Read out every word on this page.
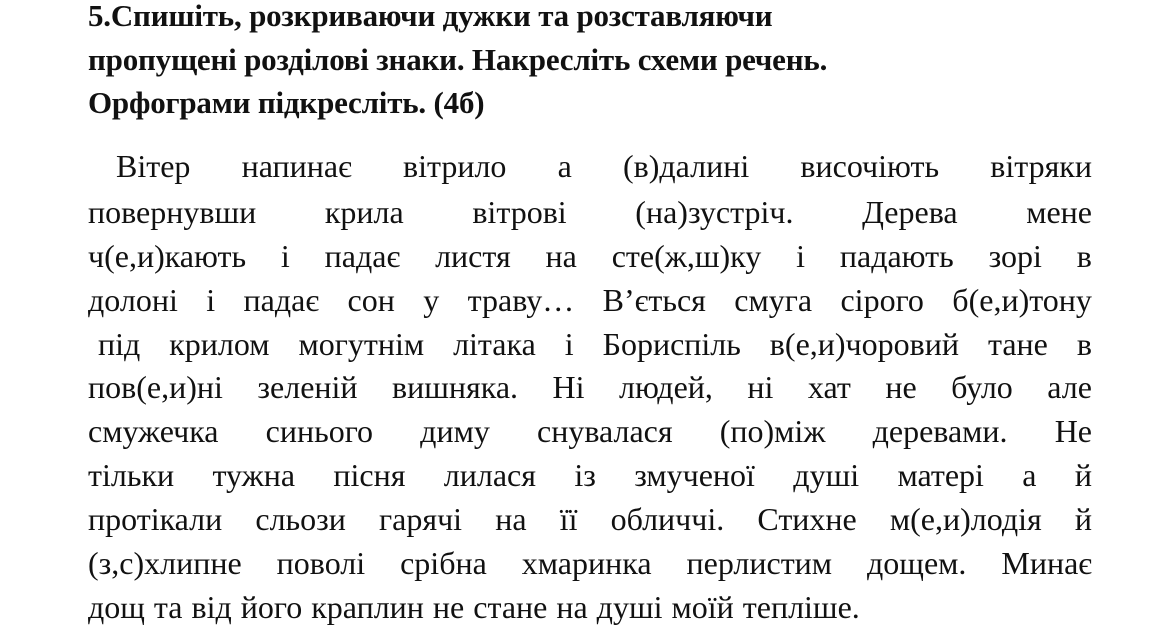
5.Спишіть, розкриваючи дужки та розставляючи
пропущені розділові знаки. Накресліть схеми речень.
Орфограми підкресліть. (4б)
Вітер напинає вітрило а (в)далині височіють вітряки
повернувши крила вітрові (на)зустріч. Дерева мене
ч(е,и)кають і падає листя на сте(ж,ш)ку і падають зорі в
долоні і падає сон у траву… В’ється смуга сірого б(е,и)тону
під крилом могутнім літака і Бориспіль в(е,и)чоровий тане в
пов(е,и)ні зеленій вишняка. Ні людей, ні хат не було але
смужечка синього диму снувалася (по)між деревами. Не
тільки тужна пісня лилася із змученої душі матері а й
протікали сльози гарячі на її обличчі. Стихне м(е,и)лодія й
(з,с)хлипне поволі срібна хмаринка перлистим дощем. Минає
дощ та від його краплин не стане на душі моїй тепліше.
